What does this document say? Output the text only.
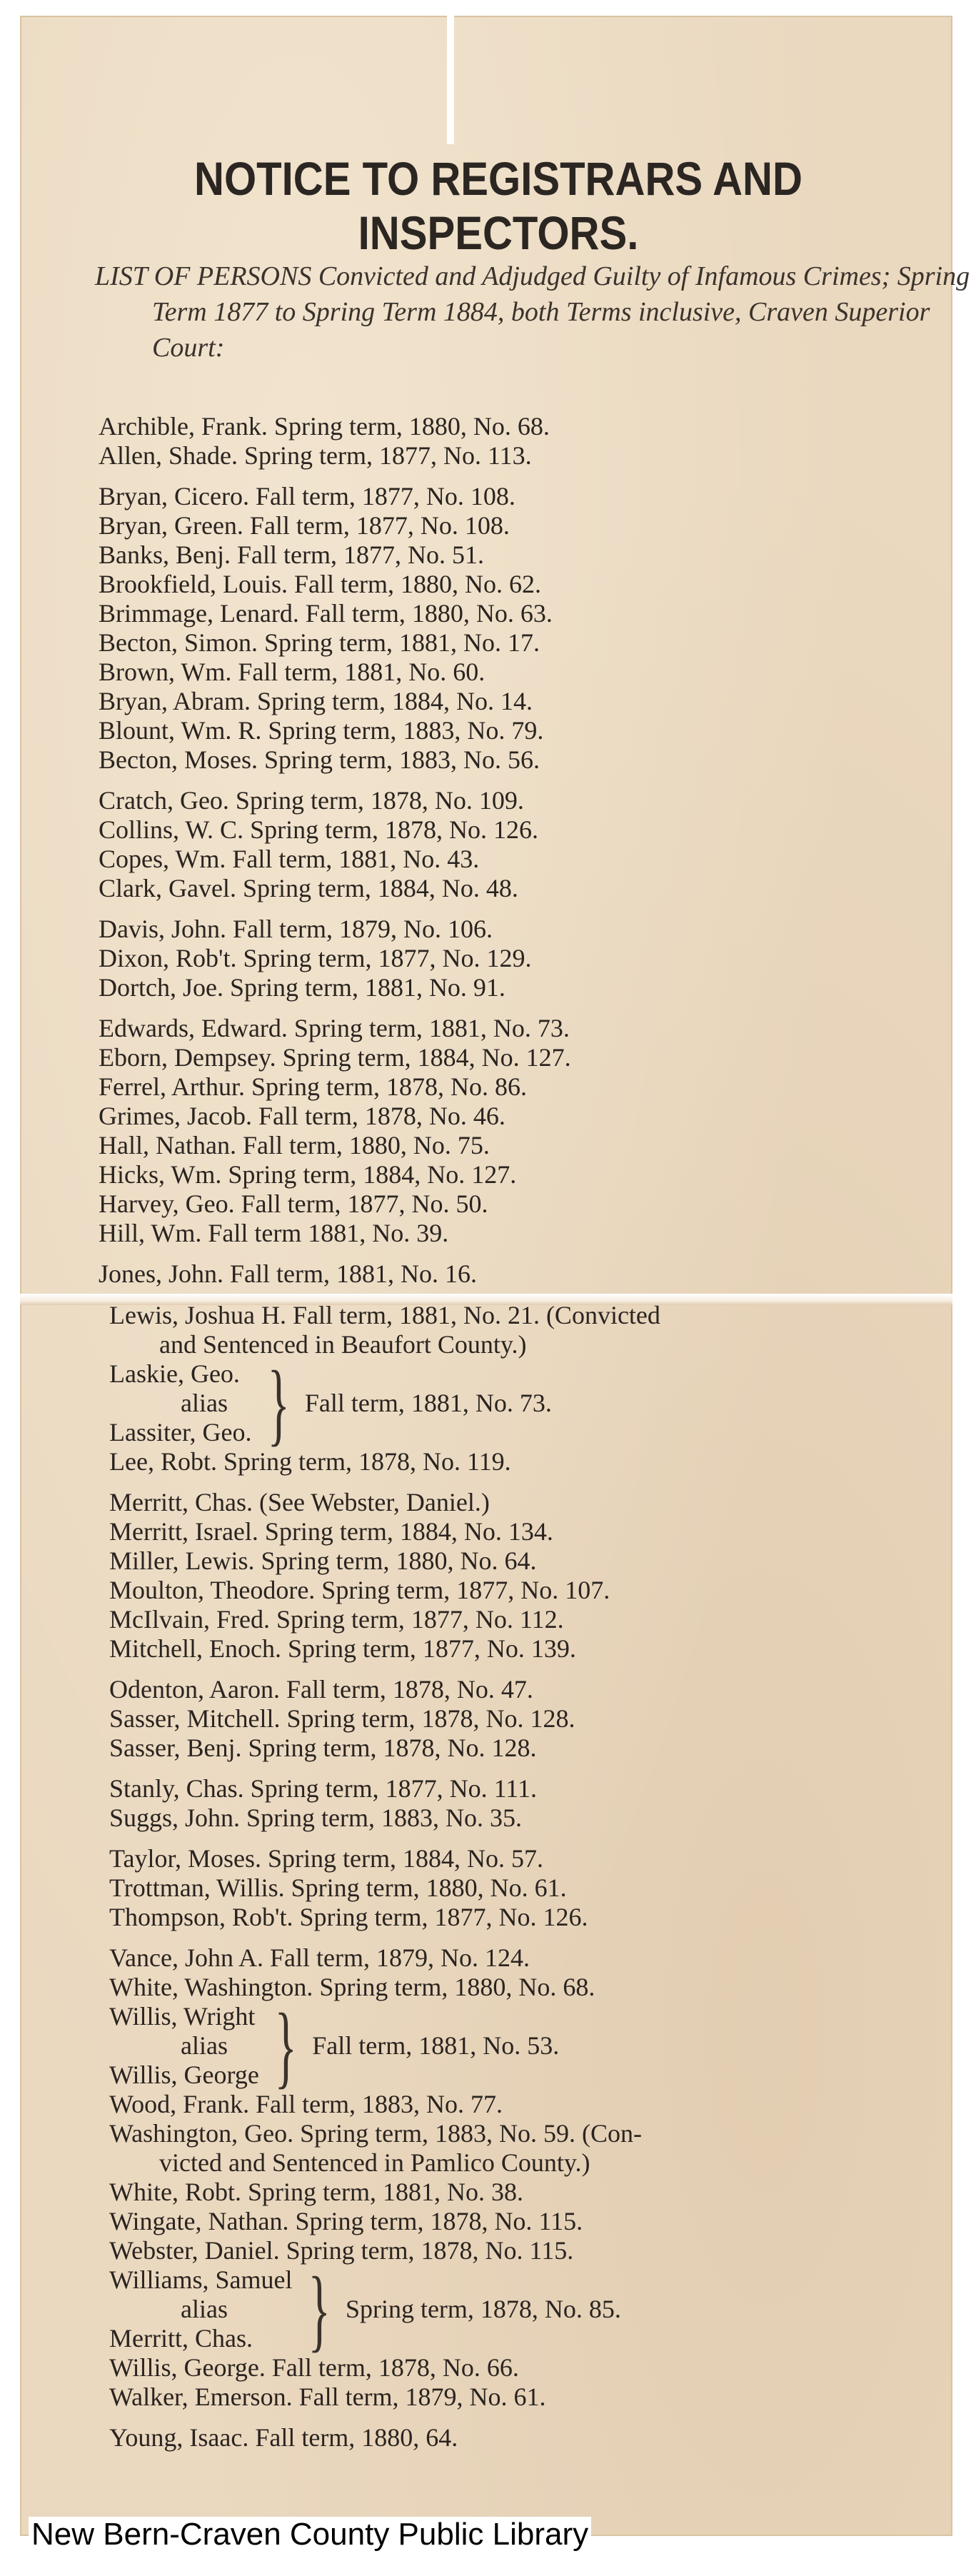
NOTICE TO REGISTRARS AND INSPECTORS.
LIST OF PERSONS Convicted and Adjudged Guilty of Infamous Crimes; Spring Term 1877 to Spring Term 1884, both Terms inclusive, Craven Superior Court:
Archible, Frank. Spring term, 1880, No. 68.
Allen, Shade. Spring term, 1877, No. 113.
Bryan, Cicero. Fall term, 1877, No. 108.
Bryan, Green. Fall term, 1877, No. 108.
Banks, Benj. Fall term, 1877, No. 51.
Brookfield, Louis. Fall term, 1880, No. 62.
Brimmage, Lenard. Fall term, 1880, No. 63.
Becton, Simon. Spring term, 1881, No. 17.
Brown, Wm. Fall term, 1881, No. 60.
Bryan, Abram. Spring term, 1884, No. 14.
Blount, Wm. R. Spring term, 1883, No. 79.
Becton, Moses. Spring term, 1883, No. 56.
Cratch, Geo. Spring term, 1878, No. 109.
Collins, W. C. Spring term, 1878, No. 126.
Copes, Wm. Fall term, 1881, No. 43.
Clark, Gavel. Spring term, 1884, No. 48.
Davis, John. Fall term, 1879, No. 106.
Dixon, Rob't. Spring term, 1877, No. 129.
Dortch, Joe. Spring term, 1881, No. 91.
Edwards, Edward. Spring term, 1881, No. 73.
Eborn, Dempsey. Spring term, 1884, No. 127.
Ferrel, Arthur. Spring term, 1878, No. 86.
Grimes, Jacob. Fall term, 1878, No. 46.
Hall, Nathan. Fall term, 1880, No. 75.
Hicks, Wm. Spring term, 1884, No. 127.
Harvey, Geo. Fall term, 1877, No. 50.
Hill, Wm. Fall term 1881, No. 39.
Jones, John. Fall term, 1881, No. 16.
Lewis, Joshua H. Fall term, 1881, No. 21. (Convicted
and Sentenced in Beaufort County.)
Laskie, Geo.
alias
Lassiter, Geo. } Fall term, 1881, No. 73.
Lee, Robt. Spring term, 1878, No. 119.
Merritt, Chas. (See Webster, Daniel.)
Merritt, Israel. Spring term, 1884, No. 134.
Miller, Lewis. Spring term, 1880, No. 64.
Moulton, Theodore. Spring term, 1877, No. 107.
McIlvain, Fred. Spring term, 1877, No. 112.
Mitchell, Enoch. Spring term, 1877, No. 139.
Odenton, Aaron. Fall term, 1878, No. 47.
Sasser, Mitchell. Spring term, 1878, No. 128.
Sasser, Benj. Spring term, 1878, No. 128.
Stanly, Chas. Spring term, 1877, No. 111.
Suggs, John. Spring term, 1883, No. 35.
Taylor, Moses. Spring term, 1884, No. 57.
Trottman, Willis. Spring term, 1880, No. 61.
Thompson, Rob't. Spring term, 1877, No. 126.
Vance, John A. Fall term, 1879, No. 124.
White, Washington. Spring term, 1880, No. 68.
Willis, Wright
alias
Willis, George } Fall term, 1881, No. 53.
Wood, Frank. Fall term, 1883, No. 77.
Washington, Geo. Spring term, 1883, No. 59. (Con-
victed and Sentenced in Pamlico County.)
White, Robt. Spring term, 1881, No. 38.
Wingate, Nathan. Spring term, 1878, No. 115.
Webster, Daniel. Spring term, 1878, No. 115.
Williams, Samuel
alias
Merritt, Chas. } Spring term, 1878, No. 85.
Willis, George. Fall term, 1878, No. 66.
Walker, Emerson. Fall term, 1879, No. 61.
Young, Isaac. Fall term, 1880, 64.
New Bern-Craven County Public Library
